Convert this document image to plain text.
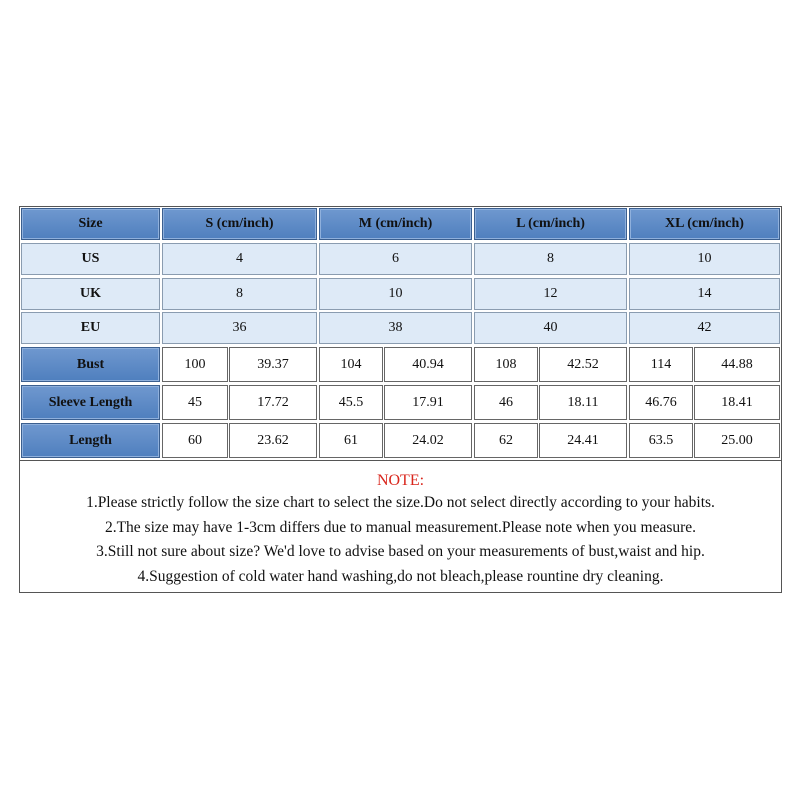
Size	S (cm/inch)	M (cm/inch)	L (cm/inch)	XL (cm/inch)
US	4	6	8	10
UK	8	10	12	14
EU	36	38	40	42
Bust	100	39.37	104	40.94	108	42.52	114	44.88
Sleeve Length	45	17.72	45.5	17.91	46	18.11	46.76	18.41
Length	60	23.62	61	24.02	62	24.41	63.5	25.00
NOTE:
1.Please strictly follow the size chart to select the size.Do not select directly according to your habits.
2.The size may have 1-3cm differs due to manual measurement.Please note when you measure.
3.Still not sure about size? We'd love to advise based on your measurements of bust,waist and hip.
4.Suggestion of cold water hand washing,do not bleach,please rountine dry cleaning.
